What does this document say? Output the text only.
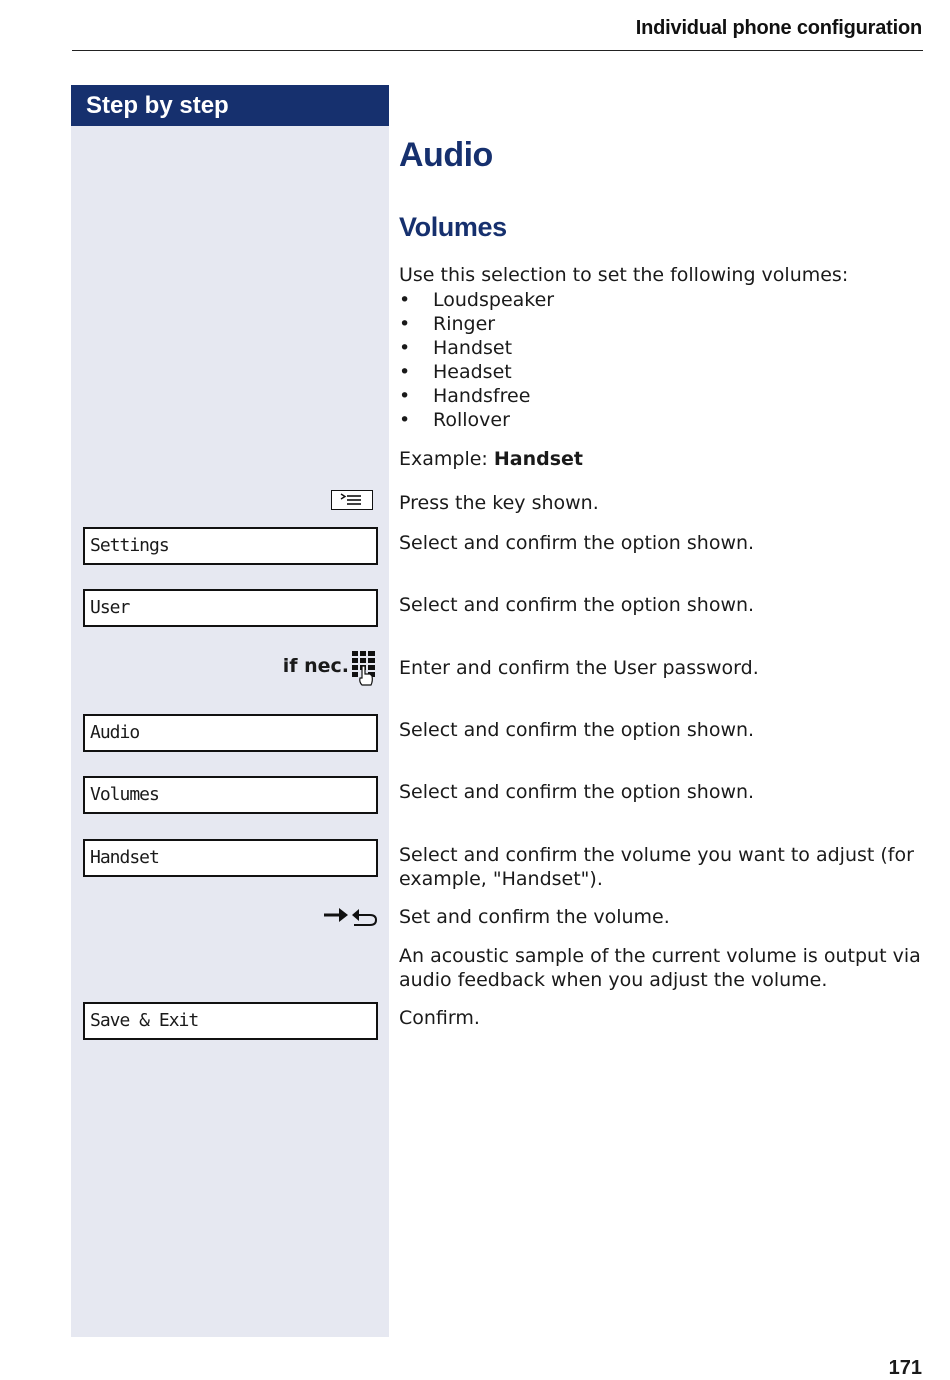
Individual phone configuration
Step by step
Audio
Volumes
Use this selection to set the following volumes:
• Loudspeaker
• Ringer
• Handset
• Headset
• Handsfree
• Rollover
Example: Handset
Press the key shown.
Settings	Select and confirm the option shown.
User	Select and confirm the option shown.
if nec.	Enter and confirm the User password.
Audio	Select and confirm the option shown.
Volumes	Select and confirm the option shown.
Handset	Select and confirm the volume you want to adjust (for example, "Handset").
Set and confirm the volume.
An acoustic sample of the current volume is output via audio feedback when you adjust the volume.
Save & Exit	Confirm.
171
